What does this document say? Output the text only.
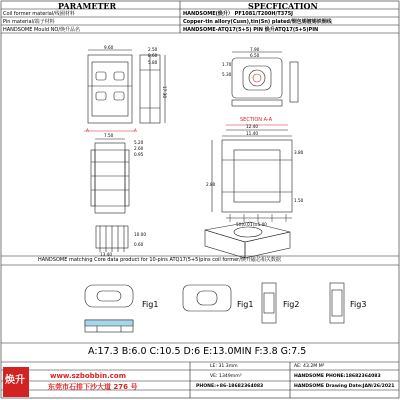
PARAMETER	SPECFICATION
Coil former material/线圈材料	HANDSOME(焕升） PF1081/T200H/T375J
Pin material/端子材料	Copper-tin allory(Cusn),tin(Sn) plated/铜包锡镀锡铁铜线
HANDSOME Mould NO/焕升品名	HANDSOME-ATQ17(5+5) PIN 焕升ATQ17(5+5)PIN
9.60	2.50
8.60
5.80
17.30
7.90
6.50
1.70
5.30
SECTION A-A
7.50
5.20
2.60
0.95
A	A
12.40
11.40
3.80
2.80
1.50
5X(0.01)=5.00
13.40
10.00
0.60
HANDSOME matching Core data product for 10-pins ATQ17(5+5)pins coil former/焕升磁芯相关数据
Fig1	Fig1	Fig2	Fig3
A:17.3 B:6.0 C:10.5 D:6 E:13.0MIN F:3.8 G:7.5
焕升	www.szbobbin.com
东莞市石排下沙大道 276 号
LE: 31.3mm
VE: 1349mm³
PHONE:+86-18682364083
AE: 43.2M M²
HANDSOME PHONE:18682364083
HANDSOME Drawing Date:JAN/26/2021
